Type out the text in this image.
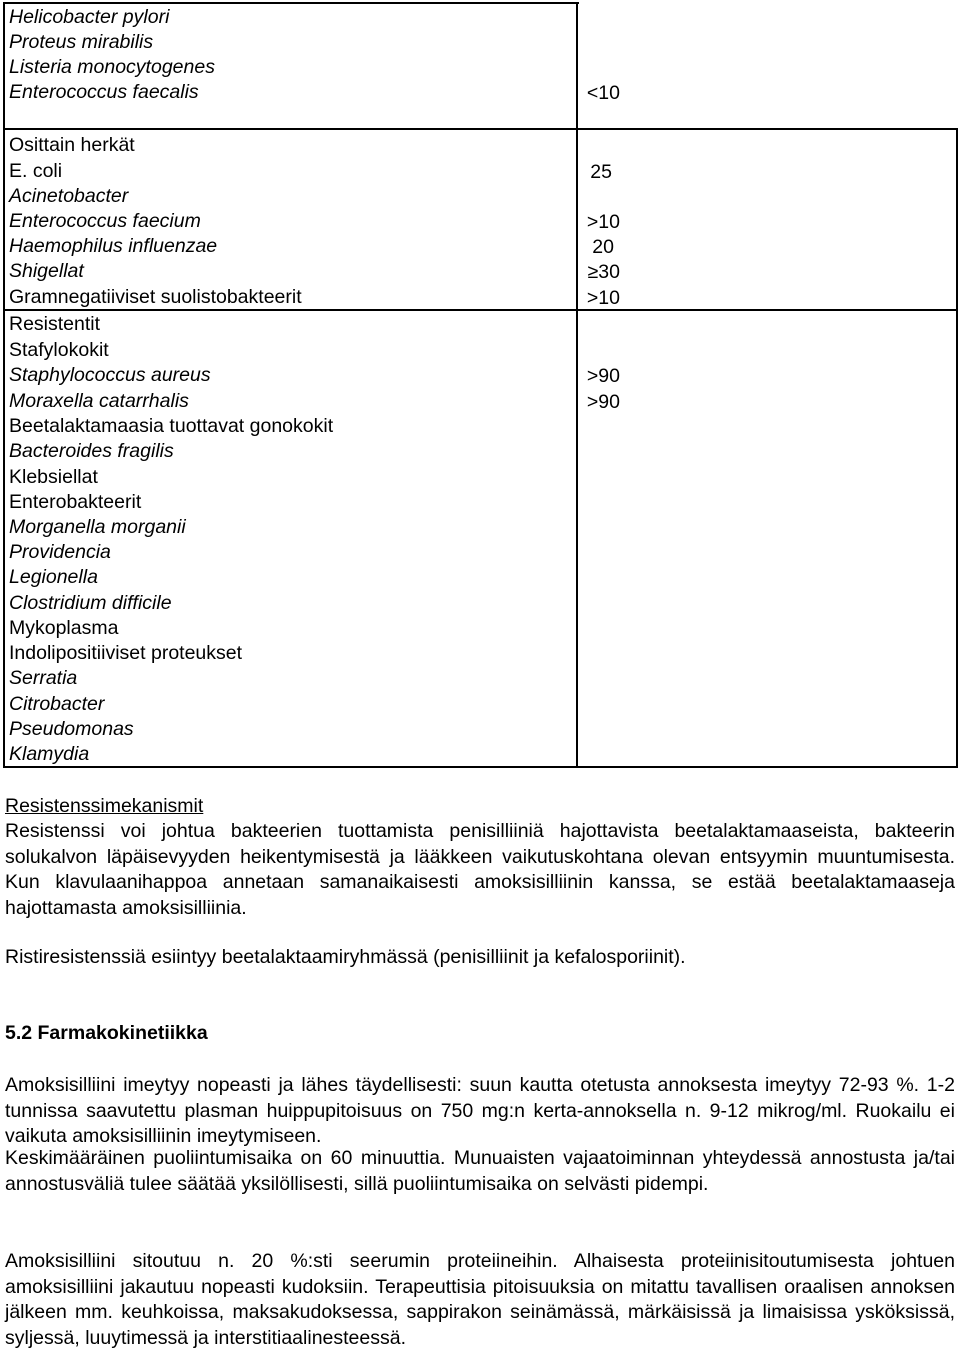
Helicobacter pylori
Proteus mirabilis
Listeria monocytogenes
Enterococcus faecalis	<10
Osittain herkät
E. coli	25
Acinetobacter
Enterococcus faecium	>10
Haemophilus influenzae	20
Shigellat	≥30
Gramnegatiiviset suolistobakteerit	>10
Resistentit
Stafylokokit
Staphylococcus aureus	>90
Moraxella catarrhalis	>90
Beetalaktamaasia tuottavat gonokokit
Bacteroides fragilis
Klebsiellat
Enterobakteerit
Morganella morganii
Providencia
Legionella
Clostridium difficile
Mykoplasma
Indolipositiiviset proteukset
Serratia
Citrobacter
Pseudomonas
Klamydia
Resistenssimekanismit
Resistenssi voi johtua bakteerien tuottamista penisilliiniä hajottavista beetalaktamaaseista, bakteerin solukalvon läpäisevyyden heikentymisestä ja lääkkeen vaikutuskohtana olevan entsyymin muuntumisesta. Kun klavulaanihappoa annetaan samanaikaisesti amoksisilliinin kanssa, se estää beetalaktamaaseja hajottamasta amoksisilliinia.
Ristiresistenssiä esiintyy beetalaktaamiryhmässä (penisilliinit ja kefalosporiinit).
5.2 Farmakokinetiikka
Amoksisilliini imeytyy nopeasti ja lähes täydellisesti: suun kautta otetusta annoksesta imeytyy 72-93 %. 1-2 tunnissa saavutettu plasman huippupitoisuus on 750 mg:n kerta-annoksella n. 9-12 mikrog/ml. Ruokailu ei vaikuta amoksisilliinin imeytymiseen.
Keskimääräinen puoliintumisaika on 60 minuuttia. Munuaisten vajaatoiminnan yhteydessä annostusta ja/tai annostusväliä tulee säätää yksilöllisesti, sillä puoliintumisaika on selvästi pidempi.
Amoksisilliini sitoutuu n. 20 %:sti seerumin proteiineihin. Alhaisesta proteiinisitoutumisesta johtuen amoksisilliini jakautuu nopeasti kudoksiin. Terapeuttisia pitoisuuksia on mitattu tavallisen oraalisen annoksen jälkeen mm. keuhkoissa, maksakudoksessa, sappirakon seinämässä, märkäisissä ja limaisissa ysköksissä, syljessä, luuytimessä ja interstitiaalinesteessä.
